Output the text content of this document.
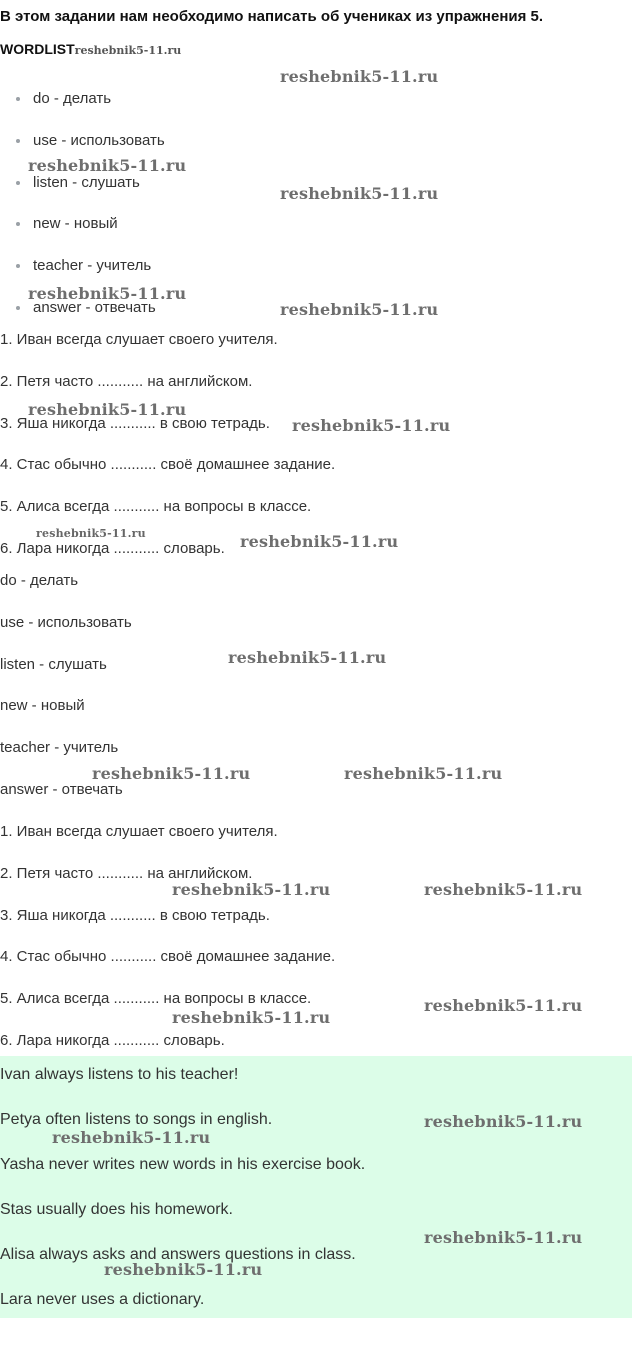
В этом задании нам необходимо написать об учениках из упражнения 5.
WORDLISTreshebnik5-11.ru
do - делать
use - использовать
listen - слушать
new - новый
teacher - учитель
answer - отвечать
1. Иван всегда слушает своего учителя.
2. Петя часто ........... на английском.
3. Яша никогда ........... в свою тетрадь.
4. Стас обычно ........... своё домашнее задание.
5. Алиса всегда ........... на вопросы в классе.
6. Лара никогда ........... словарь.
do - делать
use - использовать
listen - слушать
new - новый
teacher - учитель
answer - отвечать
1. Иван всегда слушает своего учителя.
2. Петя часто ........... на английском.
3. Яша никогда ........... в свою тетрадь.
4. Стас обычно ........... своё домашнее задание.
5. Алиса всегда ........... на вопросы в классе.
6. Лара никогда ........... словарь.
Ivan always listens to his teacher!
Petya often listens to songs in english.
Yasha never writes new words in his exercise book.
Stas usually does his homework.
Alisa always asks and answers questions in class.
Lara never uses a dictionary.
reshebnik5-11.ru
reshebnik5-11.ru
reshebnik5-11.ru
reshebnik5-11.ru
reshebnik5-11.ru
reshebnik5-11.ru
reshebnik5-11.ru
reshebnik5-11.ru	reshebnik5-11.ru
reshebnik5-11.ru
reshebnik5-11.ru	reshebnik5-11.ru
reshebnik5-11.ru	reshebnik5-11.ru
reshebnik5-11.ru
reshebnik5-11.ru
reshebnik5-11.ru
reshebnik5-11.ru
reshebnik5-11.ru
reshebnik5-11.ru
